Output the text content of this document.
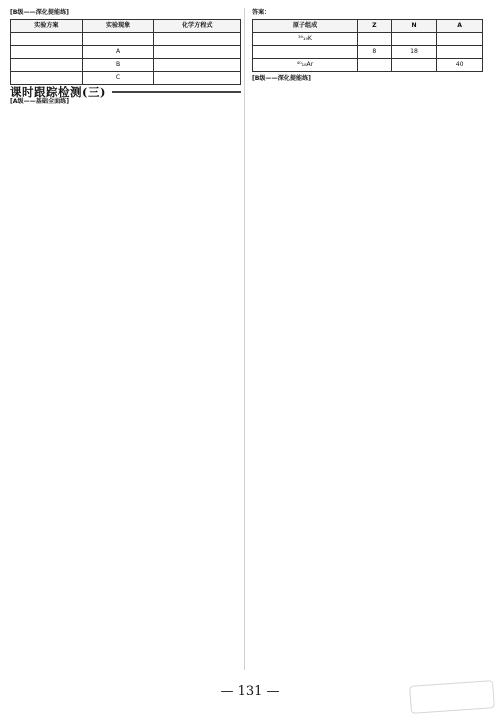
[B级——深化提能练]
实验方案	实验现象	化学方程式

	A	
	B	
	C	
课时跟踪检测(三)
[A级——基础全面练]
答案：
原子组成	Z	N	A
³⁹₁₉K			
	8	18	
⁴⁰₁₈Ar			40
[B级——深化提能练]
— 131 —
